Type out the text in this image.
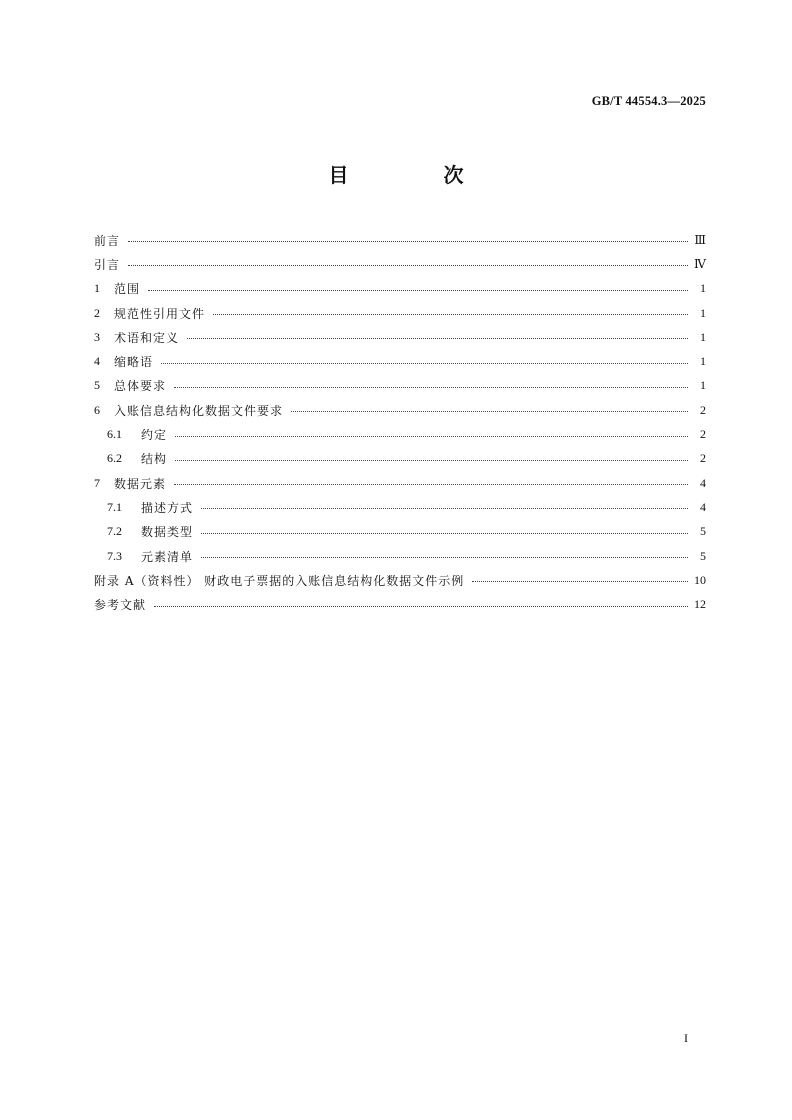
GB/T 44554.3—2025
目 次
前言	Ⅲ
引言	Ⅳ
1	范围	1
2	规范性引用文件	1
3	术语和定义	1
4	缩略语	1
5	总体要求	1
6	入账信息结构化数据文件要求	2
6.1	约定	2
6.2	结构	2
7	数据元素	4
7.1	描述方式	4
7.2	数据类型	5
7.3	元素清单	5
附录 A（资料性） 财政电子票据的入账信息结构化数据文件示例	10
参考文献	12
I
